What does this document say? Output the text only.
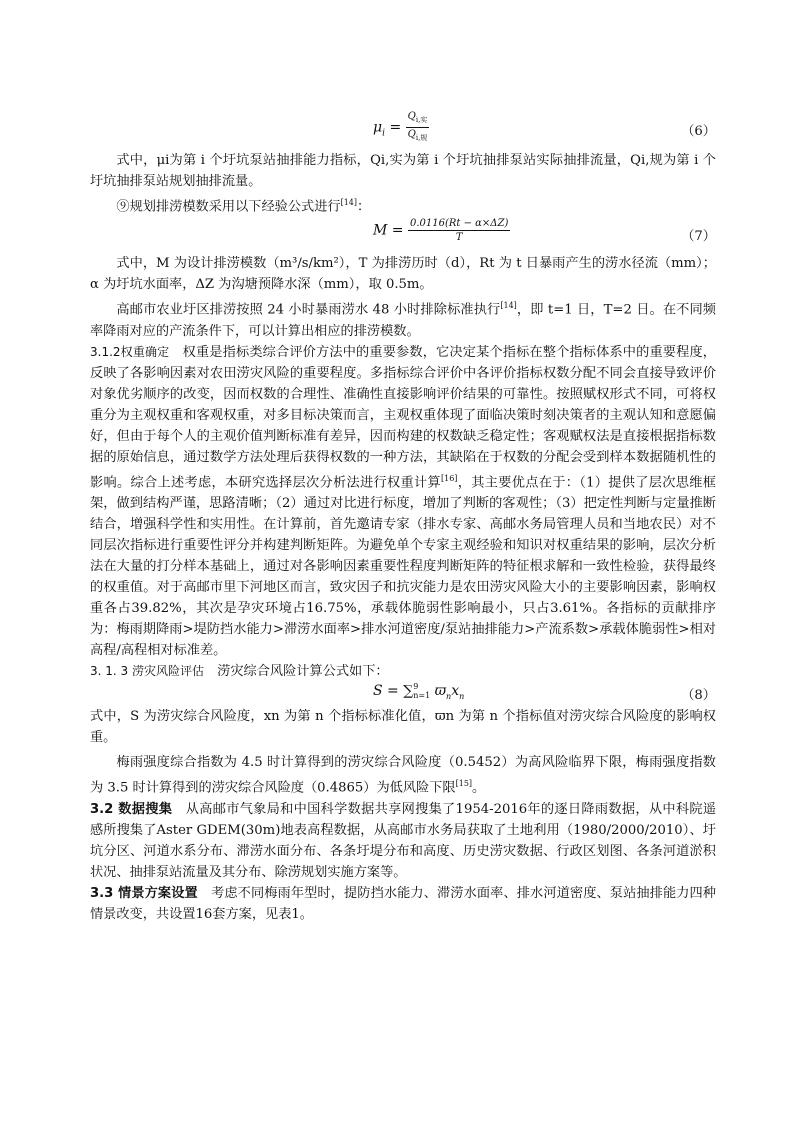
$\mu_i = \frac{Q_{i,实}}{Q_{i,规}}$	（6）

式中，μi为第 i 个圩坑泵站抽排能力指标，Qi,实为第 i 个圩坑抽排泵站实际抽排流量，Qi,规为第 i 个圩坑抽排泵站规划抽排流量。

⑨规划排涝模数采用以下经验公式进行[14]：

$M = \frac{0.0116(Rt - \alpha\times\Delta Z)}{T}$	（7）

式中，M 为设计排涝模数（m³/s/km²），T 为排涝历时（d），Rt 为 t 日暴雨产生的涝水径流（mm）；α 为圩坑水面率，ΔZ 为沟塘预降水深（mm），取 0.5m。

高邮市农业圩区排涝按照 24 小时暴雨涝水 48 小时排除标准执行[14]，即 t=1 日，T=2 日。在不同频率降雨对应的产流条件下，可以计算出相应的排涝模数。

3.1.2权重确定  权重是指标类综合评价方法中的重要参数，它决定某个指标在整个指标体系中的重要程度，反映了各影响因素对农田涝灾风险的重要程度。多指标综合评价中各评价指标权数分配不同会直接导致评价对象优劣顺序的改变，因而权数的合理性、准确性直接影响评价结果的可靠性。按照赋权形式不同，可将权重分为主观权重和客观权重，对多目标决策而言，主观权重体现了面临决策时刻决策者的主观认知和意愿偏好，但由于每个人的主观价值判断标准有差异，因而构建的权数缺乏稳定性；客观赋权法是直接根据指标数据的原始信息，通过数学方法处理后获得权数的一种方法，其缺陷在于权数的分配会受到样本数据随机性的影响。综合上述考虑，本研究选择层次分析法进行权重计算[16]，其主要优点在于：（1）提供了层次思维框架，做到结构严谨，思路清晰；（2）通过对比进行标度，增加了判断的客观性；（3）把定性判断与定量推断结合，增强科学性和实用性。在计算前，首先邀请专家（排水专家、高邮水务局管理人员和当地农民）对不同层次指标进行重要性评分并构建判断矩阵。为避免单个专家主观经验和知识对权重结果的影响，层次分析法在大量的打分样本基础上，通过对各影响因素重要性程度判断矩阵的特征根求解和一致性检验，获得最终的权重值。对于高邮市里下河地区而言，致灾因子和抗灾能力是农田涝灾风险大小的主要影响因素，影响权重各占39.82%，其次是孕灾环境占16.75%，承载体脆弱性影响最小，只占3.61%。各指标的贡献排序为：梅雨期降雨>堤防挡水能力>滞涝水面率>排水河道密度/泵站抽排能力>产流系数>承载体脆弱性>相对高程/高程相对标准差。

3. 1. 3 涝灾风险评估  涝灾综合风险计算公式如下：

S = ∑ 9
n=1 $ϖ_nx_n$	（8）

式中，S 为涝灾综合风险度，xn 为第 n 个指标标准化值，ϖn 为第 n 个指标值对涝灾综合风险度的影响权重。

梅雨强度综合指数为 4.5 时计算得到的涝灾综合风险度（0.5452）为高风险临界下限，梅雨强度指数为 3.5 时计算得到的涝灾综合风险度（0.4865）为低风险下限[15]。

3.2 数据搜集  从高邮市气象局和中国科学数据共享网搜集了1954-2016年的逐日降雨数据，从中科院遥感所搜集了Aster GDEM(30m)地表高程数据，从高邮市水务局获取了土地利用（1980/2000/2010）、圩坑分区、河道水系分布、滞涝水面分布、各条圩堤分布和高度、历史涝灾数据、行政区划图、各条河道淤积状况、抽排泵站流量及其分布、除涝规划实施方案等。

3.3 情景方案设置  考虑不同梅雨年型时，提防挡水能力、滞涝水面率、排水河道密度、泵站抽排能力四种情景改变，共设置16套方案，见表1。
